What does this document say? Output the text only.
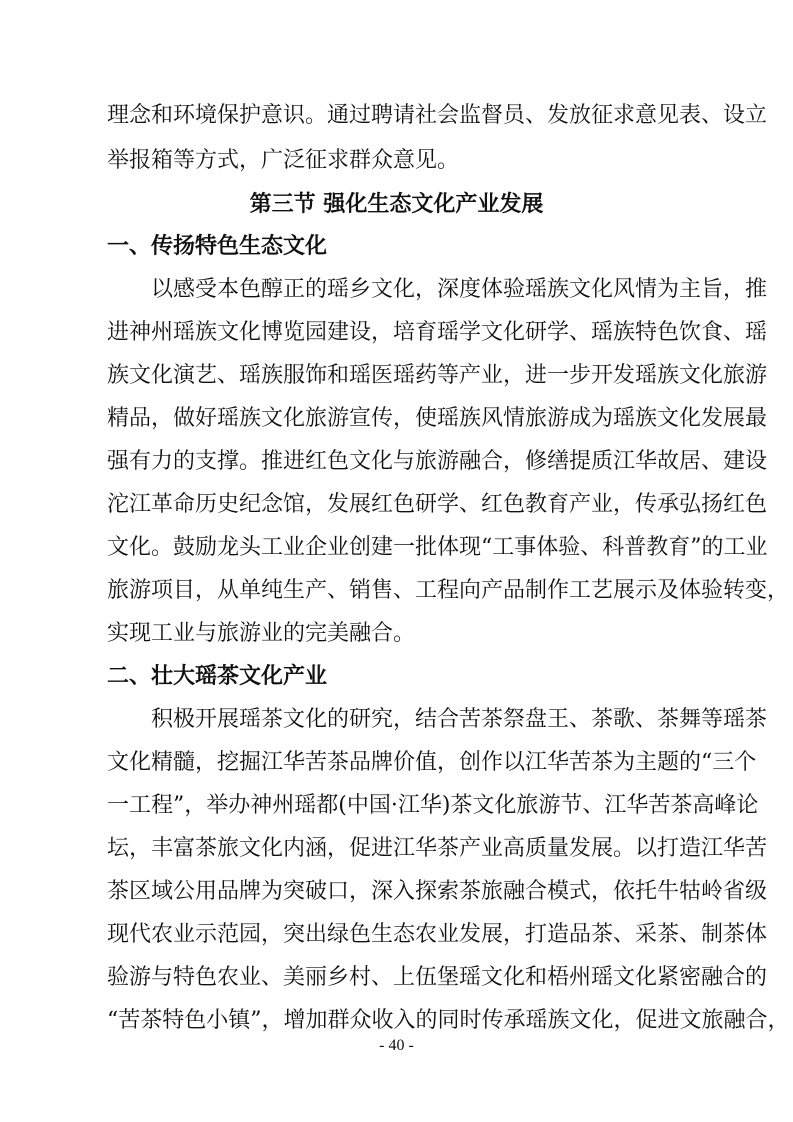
理念和环境保护意识。通过聘请社会监督员、发放征求意见表、设立
举报箱等方式，广泛征求群众意见。
第三节 强化生态文化产业发展
一、传扬特色生态文化
以感受本色醇正的瑶乡文化，深度体验瑶族文化风情为主旨，推
进神州瑶族文化博览园建设，培育瑶学文化研学、瑶族特色饮食、瑶
族文化演艺、瑶族服饰和瑶医瑶药等产业，进一步开发瑶族文化旅游
精品，做好瑶族文化旅游宣传，使瑶族风情旅游成为瑶族文化发展最
强有力的支撑。推进红色文化与旅游融合，修缮提质江华故居、建设
沱江革命历史纪念馆，发展红色研学、红色教育产业，传承弘扬红色
文化。鼓励龙头工业企业创建一批体现“工事体验、科普教育”的工业
旅游项目，从单纯生产、销售、工程向产品制作工艺展示及体验转变，
实现工业与旅游业的完美融合。
二、壮大瑶茶文化产业
积极开展瑶茶文化的研究，结合苦茶祭盘王、茶歌、茶舞等瑶茶
文化精髓，挖掘江华苦茶品牌价值，创作以江华苦茶为主题的“三个
一工程”，举办神州瑶都(中国·江华)茶文化旅游节、江华苦茶高峰论
坛，丰富茶旅文化内涵，促进江华茶产业高质量发展。以打造江华苦
茶区域公用品牌为突破口，深入探索茶旅融合模式，依托牛牯岭省级
现代农业示范园，突出绿色生态农业发展，打造品茶、采茶、制茶体
验游与特色农业、美丽乡村、上伍堡瑶文化和梧州瑶文化紧密融合的
“苦茶特色小镇”，增加群众收入的同时传承瑶族文化，促进文旅融合，
- 40 -
